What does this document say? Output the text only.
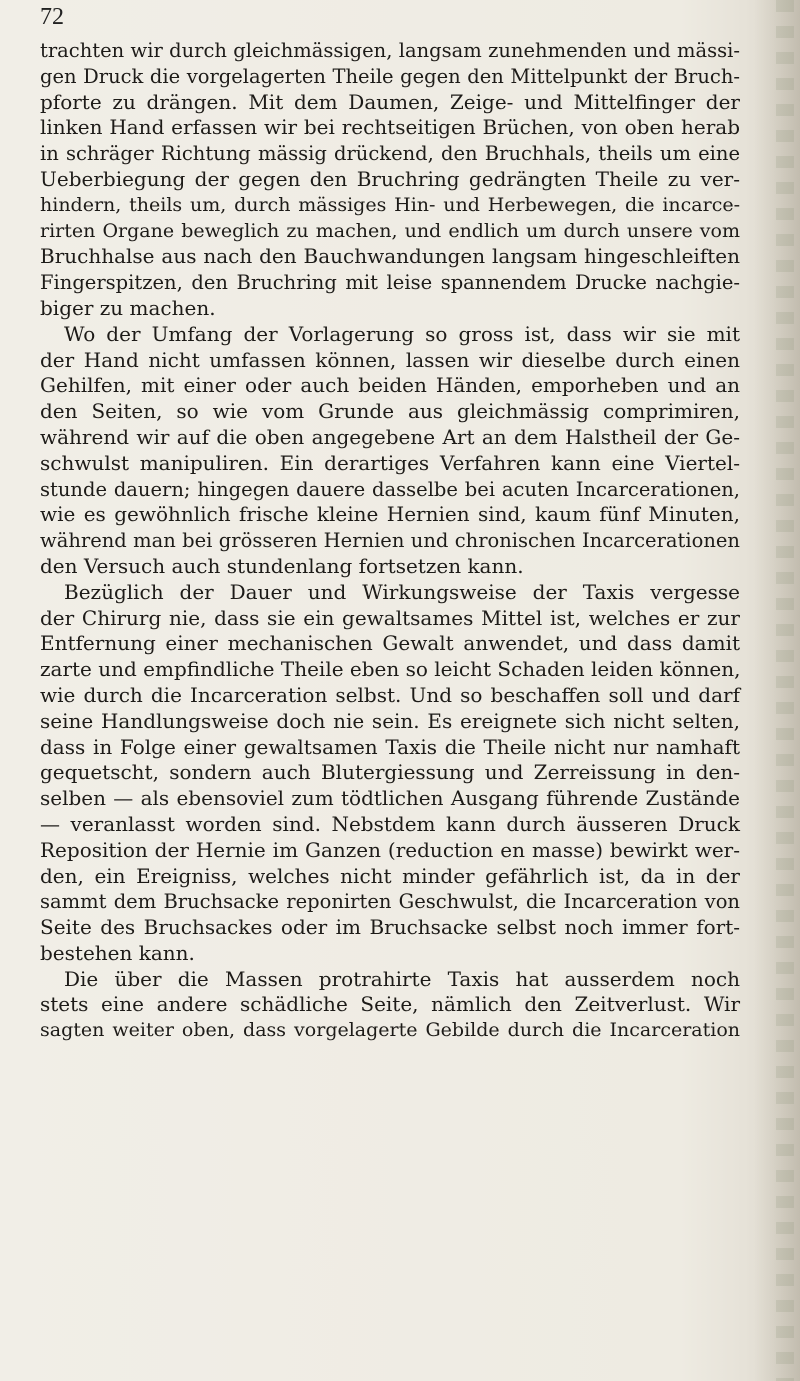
72
trachten wir durch gleichmässigen, langsam zunehmenden und mässi-
gen Druck die vorgelagerten Theile gegen den Mittelpunkt der Bruch-
pforte zu drängen. Mit dem Daumen, Zeige- und Mittelfinger der
linken Hand erfassen wir bei rechtseitigen Brüchen, von oben herab
in schräger Richtung mässig drückend, den Bruchhals, theils um eine
Ueberbiegung der gegen den Bruchring gedrängten Theile zu ver-
hindern, theils um, durch mässiges Hin- und Herbewegen, die incarce-
rirten Organe beweglich zu machen, und endlich um durch unsere vom
Bruchhalse aus nach den Bauchwandungen langsam hingeschleiften
Fingerspitzen, den Bruchring mit leise spannendem Drucke nachgie-
biger zu machen.
Wo der Umfang der Vorlagerung so gross ist, dass wir sie mit
der Hand nicht umfassen können, lassen wir dieselbe durch einen
Gehilfen, mit einer oder auch beiden Händen, emporheben und an
den Seiten, so wie vom Grunde aus gleichmässig comprimiren,
während wir auf die oben angegebene Art an dem Halstheil der Ge-
schwulst manipuliren. Ein derartiges Verfahren kann eine Viertel-
stunde dauern; hingegen dauere dasselbe bei acuten Incarcerationen,
wie es gewöhnlich frische kleine Hernien sind, kaum fünf Minuten,
während man bei grösseren Hernien und chronischen Incarcerationen
den Versuch auch stundenlang fortsetzen kann.
Bezüglich der Dauer und Wirkungsweise der Taxis vergesse
der Chirurg nie, dass sie ein gewaltsames Mittel ist, welches er zur
Entfernung einer mechanischen Gewalt anwendet, und dass damit
zarte und empfindliche Theile eben so leicht Schaden leiden können,
wie durch die Incarceration selbst. Und so beschaffen soll und darf
seine Handlungsweise doch nie sein. Es ereignete sich nicht selten,
dass in Folge einer gewaltsamen Taxis die Theile nicht nur namhaft
gequetscht, sondern auch Blutergiessung und Zerreissung in den-
selben — als ebensoviel zum tödtlichen Ausgang führende Zustände
— veranlasst worden sind. Nebstdem kann durch äusseren Druck
Reposition der Hernie im Ganzen (reduction en masse) bewirkt wer-
den, ein Ereigniss, welches nicht minder gefährlich ist, da in der
sammt dem Bruchsacke reponirten Geschwulst, die Incarceration von
Seite des Bruchsackes oder im Bruchsacke selbst noch immer fort-
bestehen kann.
Die über die Massen protrahirte Taxis hat ausserdem noch
stets eine andere schädliche Seite, nämlich den Zeitverlust. Wir
sagten weiter oben, dass vorgelagerte Gebilde durch die Incarceration
